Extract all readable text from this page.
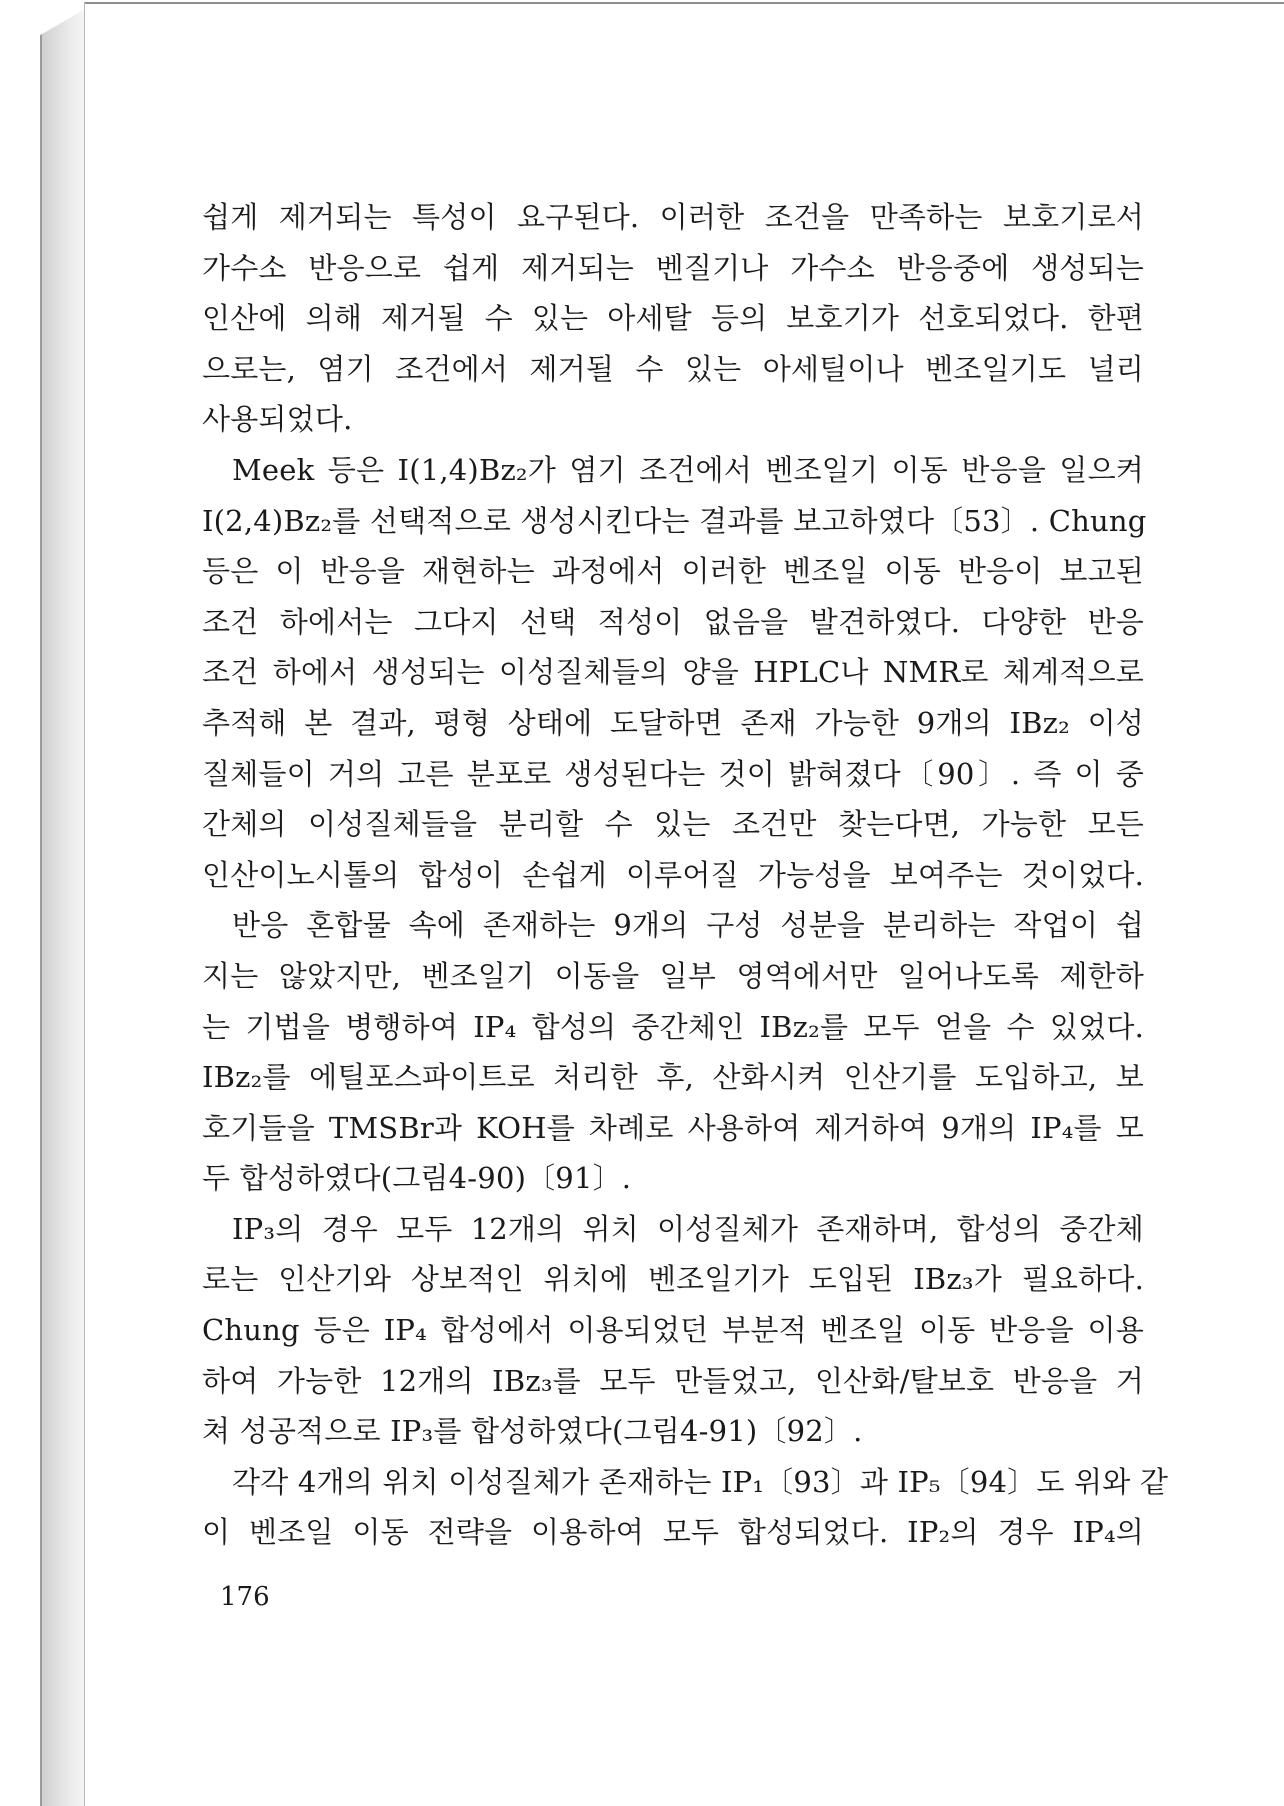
쉽게 제거되는 특성이 요구된다. 이러한 조건을 만족하는 보호기로서
가수소 반응으로 쉽게 제거되는 벤질기나 가수소 반응중에 생성되는
인산에 의해 제거될 수 있는 아세탈 등의 보호기가 선호되었다. 한편
으로는, 염기 조건에서 제거될 수 있는 아세틸이나 벤조일기도 널리
사용되었다.
Meek 등은 I(1,4)Bz₂가 염기 조건에서 벤조일기 이동 반응을 일으켜
I(2,4)Bz₂를 선택적으로 생성시킨다는 결과를 보고하였다〔53〕. Chung
등은 이 반응을 재현하는 과정에서 이러한 벤조일 이동 반응이 보고된
조건 하에서는 그다지 선택 적성이 없음을 발견하였다. 다양한 반응
조건 하에서 생성되는 이성질체들의 양을 HPLC나 NMR로 체계적으로
추적해 본 결과, 평형 상태에 도달하면 존재 가능한 9개의 IBz₂ 이성
질체들이 거의 고른 분포로 생성된다는 것이 밝혀졌다〔90〕. 즉 이 중
간체의 이성질체들을 분리할 수 있는 조건만 찾는다면, 가능한 모든
인산이노시톨의 합성이 손쉽게 이루어질 가능성을 보여주는 것이었다.
반응 혼합물 속에 존재하는 9개의 구성 성분을 분리하는 작업이 쉽
지는 않았지만, 벤조일기 이동을 일부 영역에서만 일어나도록 제한하
는 기법을 병행하여 IP₄ 합성의 중간체인 IBz₂를 모두 얻을 수 있었다.
IBz₂를 에틸포스파이트로 처리한 후, 산화시켜 인산기를 도입하고, 보
호기들을 TMSBr과 KOH를 차례로 사용하여 제거하여 9개의 IP₄를 모
두 합성하였다(그림4-90)〔91〕.
IP₃의 경우 모두 12개의 위치 이성질체가 존재하며, 합성의 중간체
로는 인산기와 상보적인 위치에 벤조일기가 도입된 IBz₃가 필요하다.
Chung 등은 IP₄ 합성에서 이용되었던 부분적 벤조일 이동 반응을 이용
하여 가능한 12개의 IBz₃를 모두 만들었고, 인산화/탈보호 반응을 거
쳐 성공적으로 IP₃를 합성하였다(그림4-91)〔92〕.
각각 4개의 위치 이성질체가 존재하는 IP₁〔93〕과 IP₅〔94〕도 위와 같
이 벤조일 이동 전략을 이용하여 모두 합성되었다. IP₂의 경우 IP₄의
176
